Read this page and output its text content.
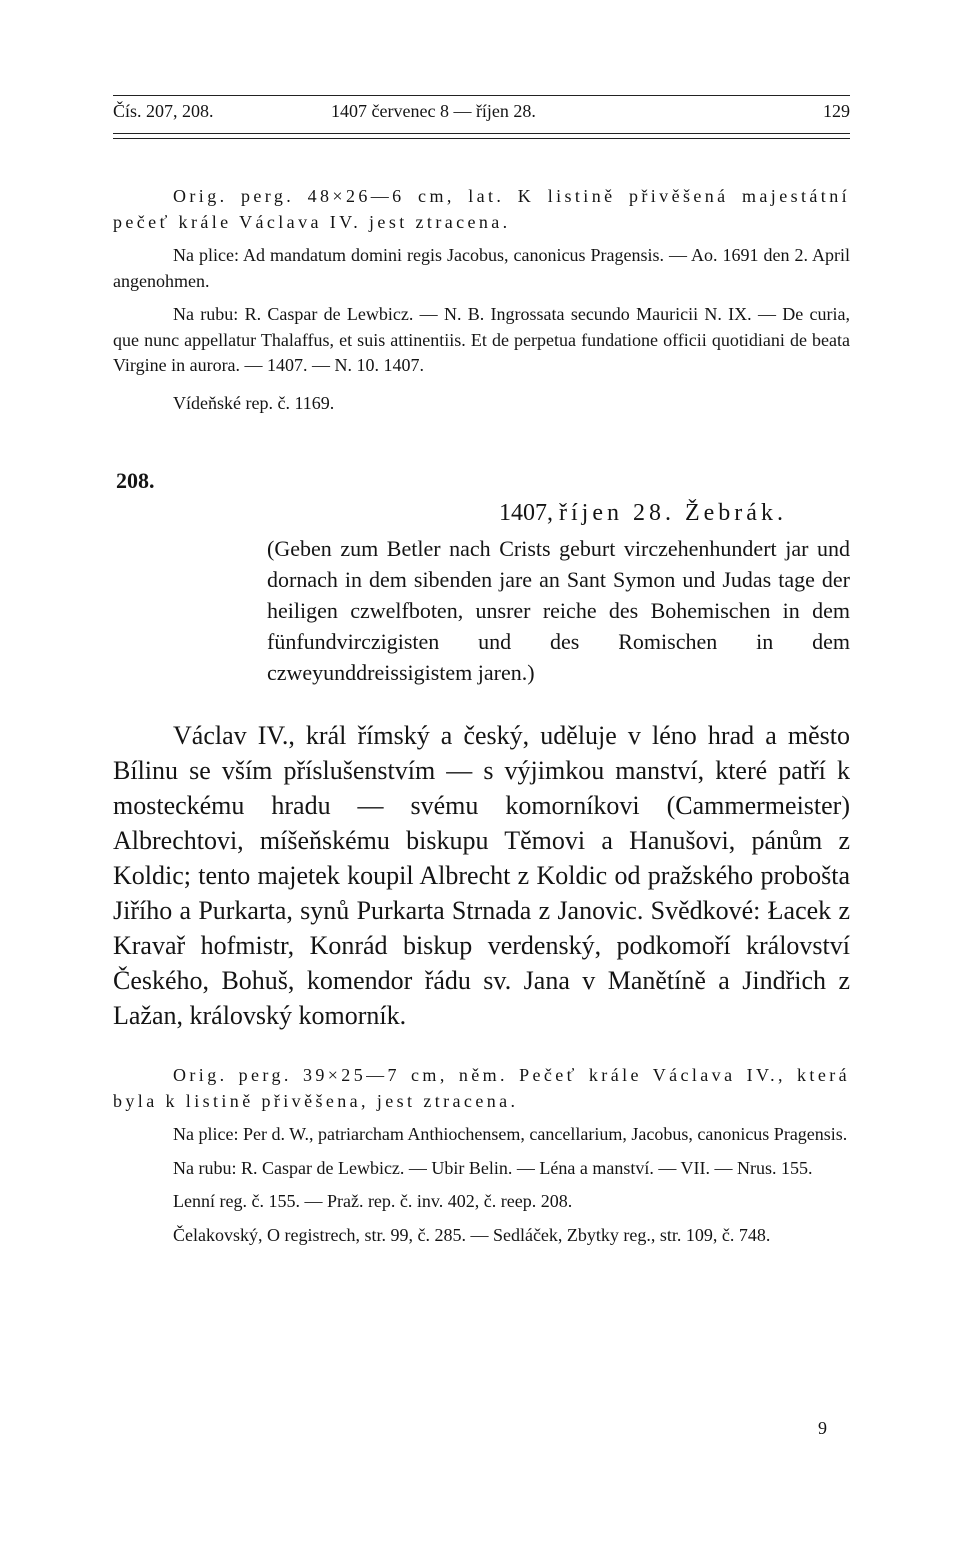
Čís. 207, 208.	1407 červenec 8 — říjen 28.	129

Orig. perg. 48×26—6 cm, lat. K listině přivěšená majestátní pečeť krále Václava IV. jest ztracena.

Na plice: Ad mandatum domini regis Jacobus, canonicus Pragensis. — Ao. 1691 den 2. April angenohmen.

Na rubu: R. Caspar de Lewbicz. — N. B. Ingrossata secundo Mauricii N. IX. — De curia, que nunc appellatur Thalaffus, et suis attinentiis. Et de perpetua fundatione officii quotidiani de beata Virgine in aurora. — 1407. — N. 10. 1407.

Vídeňské rep. č. 1169.

208.
1407, říjen 28. Žebrák.

(Geben zum Betler nach Crists geburt virczehenhundert jar und dornach in dem sibenden jare an Sant Symon und Judas tage der heiligen czwelfboten, unsrer reiche des Bohemischen in dem fünfundvirczigisten und des Romischen in dem czweyunddreissigistem jaren.)

Václav IV., král římský a český, uděluje v léno hrad a město Bílinu se vším příslušenstvím — s výjimkou manství, které patří k mosteckému hradu — svému komorníkovi (Cammermeister) Albrechtovi, míšeňskému biskupu Těmovi a Hanušovi, pánům z Koldic; tento majetek koupil Albrecht z Koldic od pražského probošta Jiřího a Purkarta, synů Purkarta Strnada z Janovic. Svědkové: Łacek z Kravař hofmistr, Konrád biskup verdenský, podkomoří království Českého, Bohuš, komendor řádu sv. Jana v Manětíně a Jindřich z Lažan, královský komorník.

Orig. perg. 39×25—7 cm, něm. Pečeť krále Václava IV., která byla k listině přivěšena, jest ztracena.

Na plice: Per d. W., patriarcham Anthiochensem, cancellarium, Jacobus, canonicus Pragensis.

Na rubu: R. Caspar de Lewbicz. — Ubir Belin. — Léna a manství. — VII. — Nrus. 155.

Lenní reg. č. 155. — Praž. rep. č. inv. 402, č. reep. 208.

Čelakovský, O registrech, str. 99, č. 285. — Sedláček, Zbytky reg., str. 109, č. 748.

9
